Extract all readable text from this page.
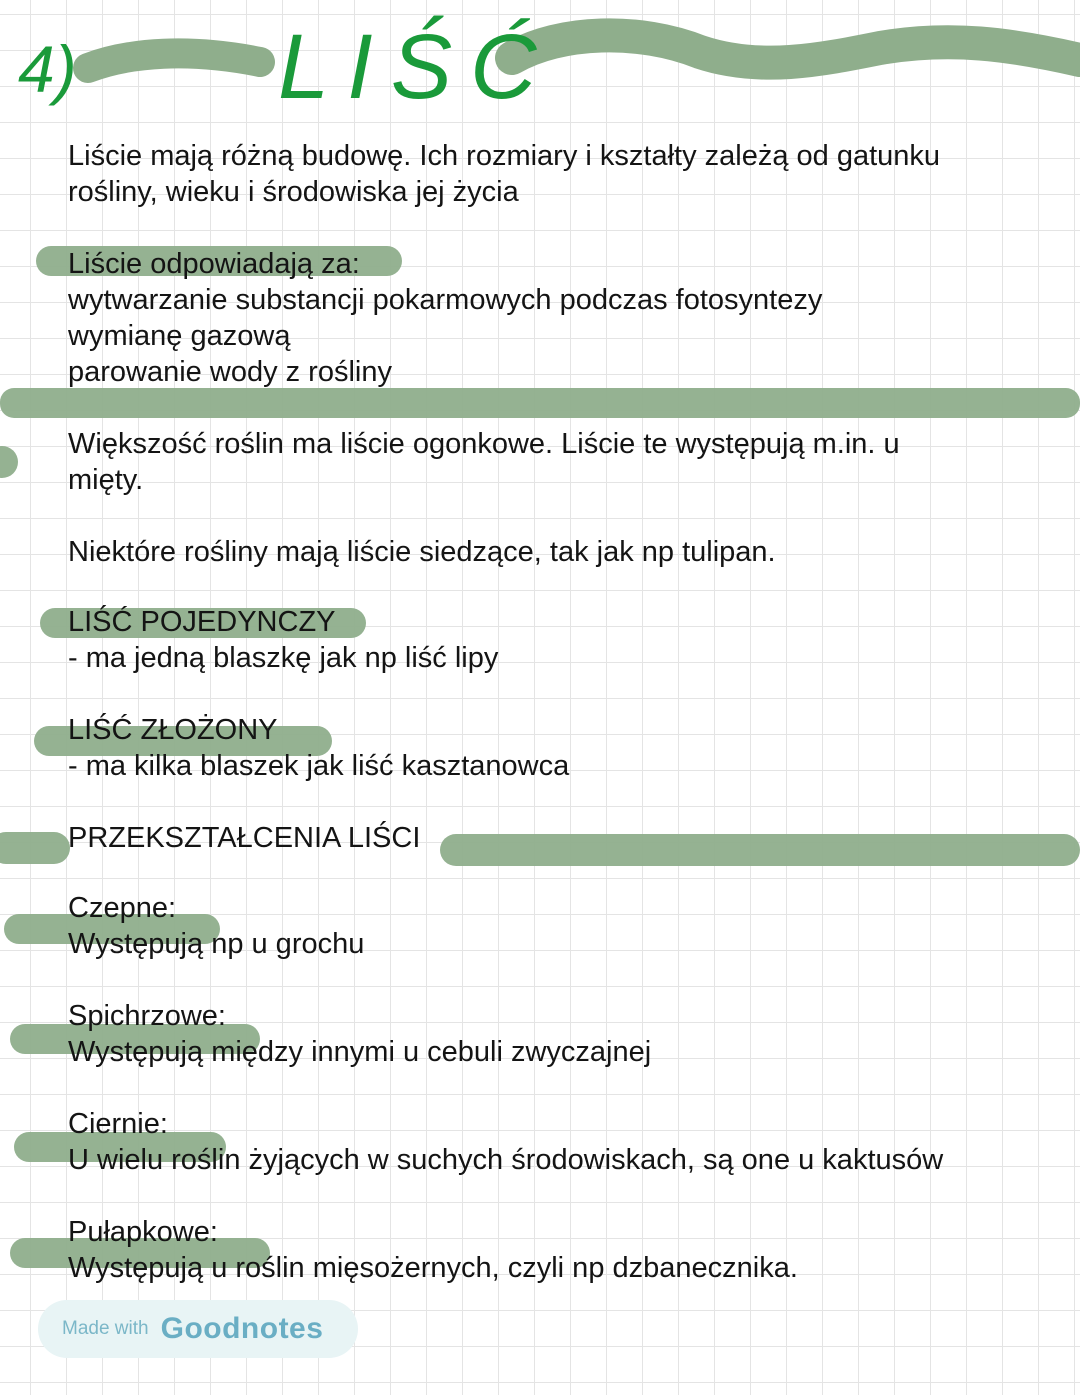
4) LIŚĆ
Liście mają różną budowę. Ich rozmiary i kształty zależą od gatunku
rośliny, wieku i środowiska jej życia
Liście odpowiadają za:
wytwarzanie substancji pokarmowych podczas fotosyntezy
wymianę gazową
parowanie wody z rośliny
Większość roślin ma liście ogonkowe. Liście te występują m.in. u
mięty.
Niektóre rośliny mają liście siedzące, tak jak np tulipan.
LIŚĆ POJEDYNCZY
- ma jedną blaszkę jak np liść lipy
LIŚĆ ZŁOŻONY
- ma kilka blaszek jak liść kasztanowca
PRZEKSZTAŁCENIA LIŚCI
Czepne:
Występują np u grochu
Spichrzowe:
Występują między innymi u cebuli zwyczajnej
Ciernie:
U wielu roślin żyjących w suchych środowiskach, są one u kaktusów
Pułapkowe:
Występują u roślin mięsożernych, czyli np dzbanecznika.
Made with Goodnotes
